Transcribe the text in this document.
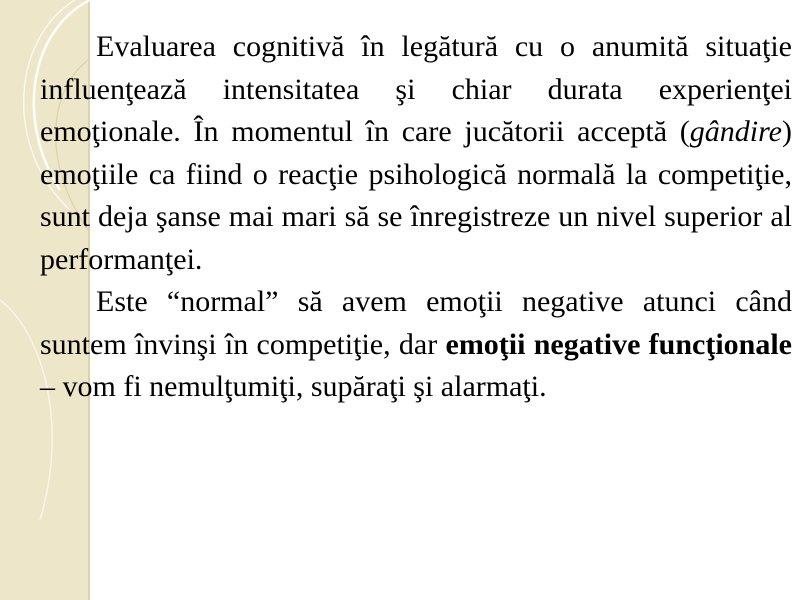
Evaluarea cognitivă în legătură cu o anumită situaţie influenţează intensitatea şi chiar durata experienţei emoţionale. În momentul în care jucătorii acceptă (gândire) emoţiile ca fiind o reacţie psihologică normală la competiţie, sunt deja şanse mai mari să se înregistreze un nivel superior al performanţei.

Este “normal” să avem emoţii negative atunci când suntem învinşi în competiţie, dar emoţii negative funcţionale – vom fi nemulţumiţi, supăraţi şi alarmaţi.
